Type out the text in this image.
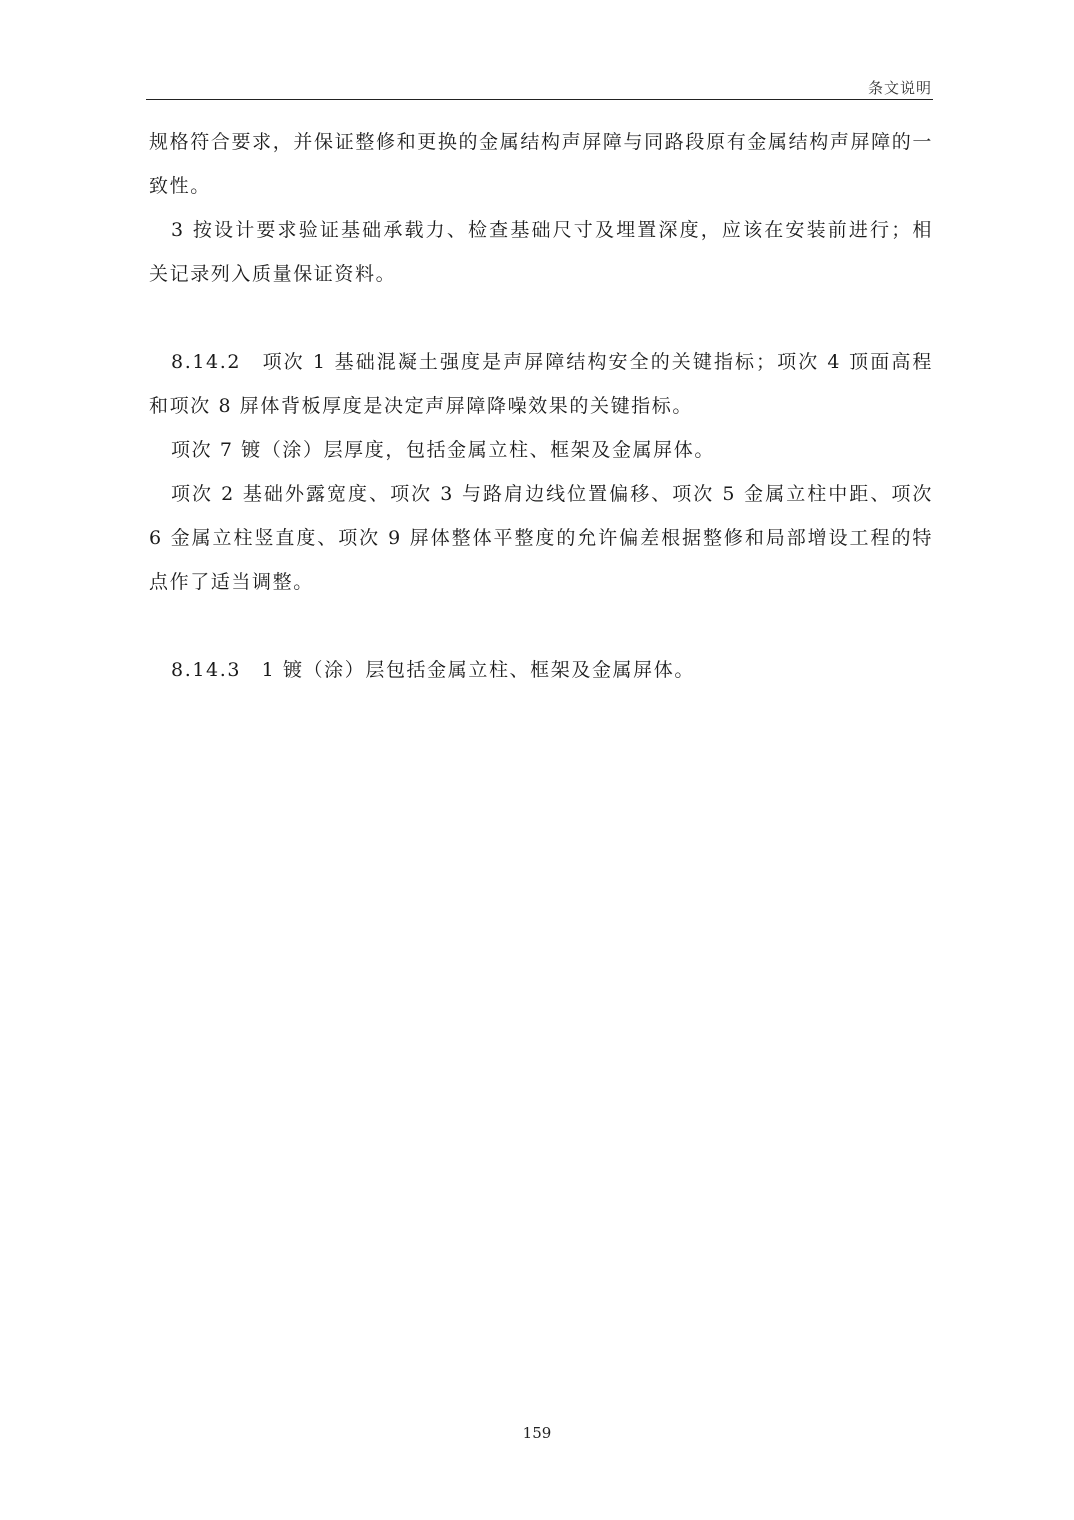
条文说明

规格符合要求，并保证整修和更换的金属结构声屏障与同路段原有金属结构声屏障的一致性。

3 按设计要求验证基础承载力、检查基础尺寸及埋置深度，应该在安装前进行；相关记录列入质量保证资料。

8.14.2　项次 1 基础混凝土强度是声屏障结构安全的关键指标；项次 4 顶面高程和项次 8 屏体背板厚度是决定声屏障降噪效果的关键指标。

项次 7 镀（涂）层厚度，包括金属立柱、框架及金属屏体。

项次 2 基础外露宽度、项次 3 与路肩边线位置偏移、项次 5 金属立柱中距、项次 6 金属立柱竖直度、项次 9 屏体整体平整度的允许偏差根据整修和局部增设工程的特点作了适当调整。

8.14.3　1 镀（涂）层包括金属立柱、框架及金属屏体。

159
